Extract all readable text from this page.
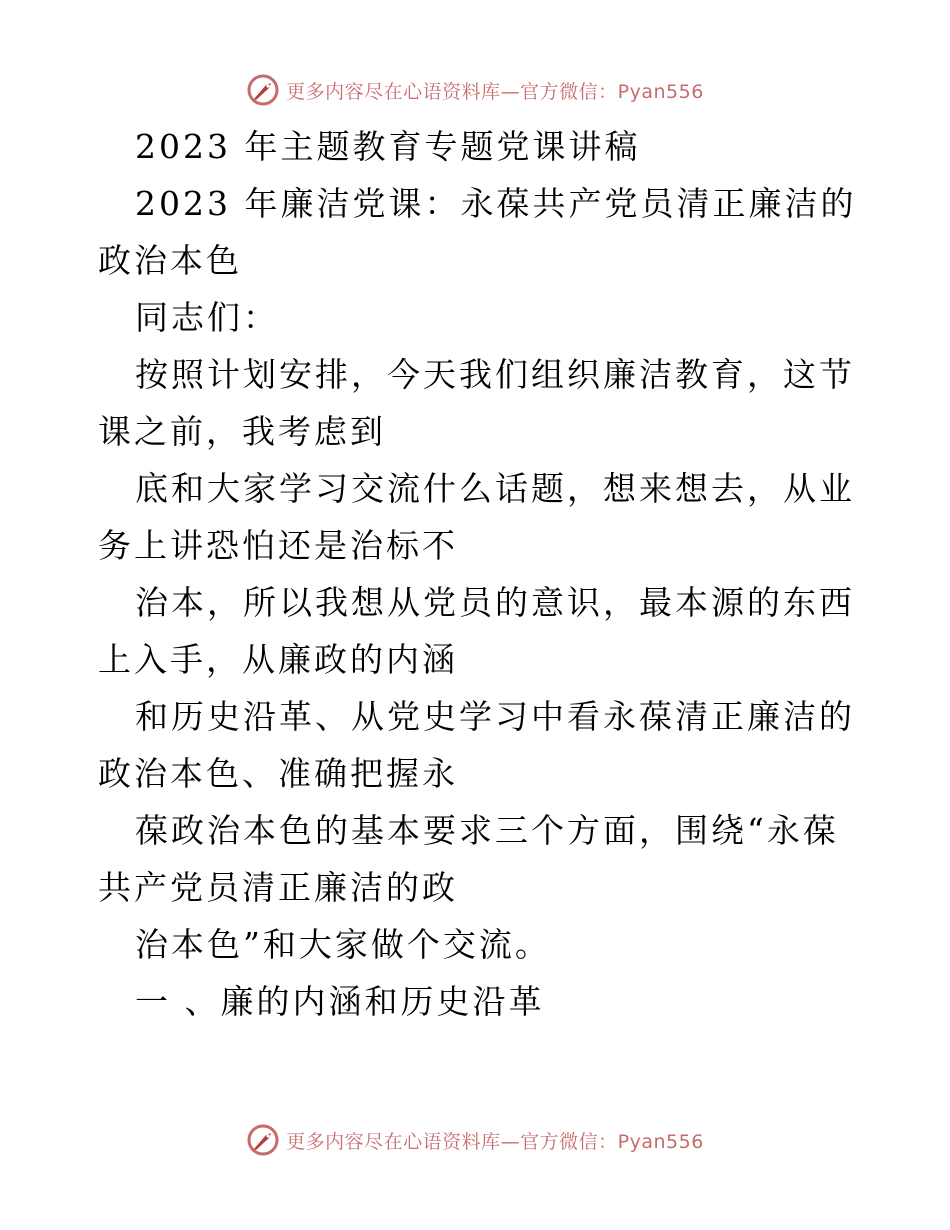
更多内容尽在心语资料库—官方微信：Pyan556

2023 年主题教育专题党课讲稿

2023 年廉洁党课：永葆共产党员清正廉洁的政治本色

同志们：

按照计划安排，今天我们组织廉洁教育，这节课之前，我考虑到

底和大家学习交流什么话题，想来想去，从业务上讲恐怕还是治标不

治本，所以我想从党员的意识，最本源的东西上入手，从廉政的内涵

和历史沿革、从党史学习中看永葆清正廉洁的政治本色、准确把握永

葆政治本色的基本要求三个方面，围绕“永葆共产党员清正廉洁的政

治本色”和大家做个交流。

一 、廉的内涵和历史沿革

更多内容尽在心语资料库—官方微信：Pyan556
